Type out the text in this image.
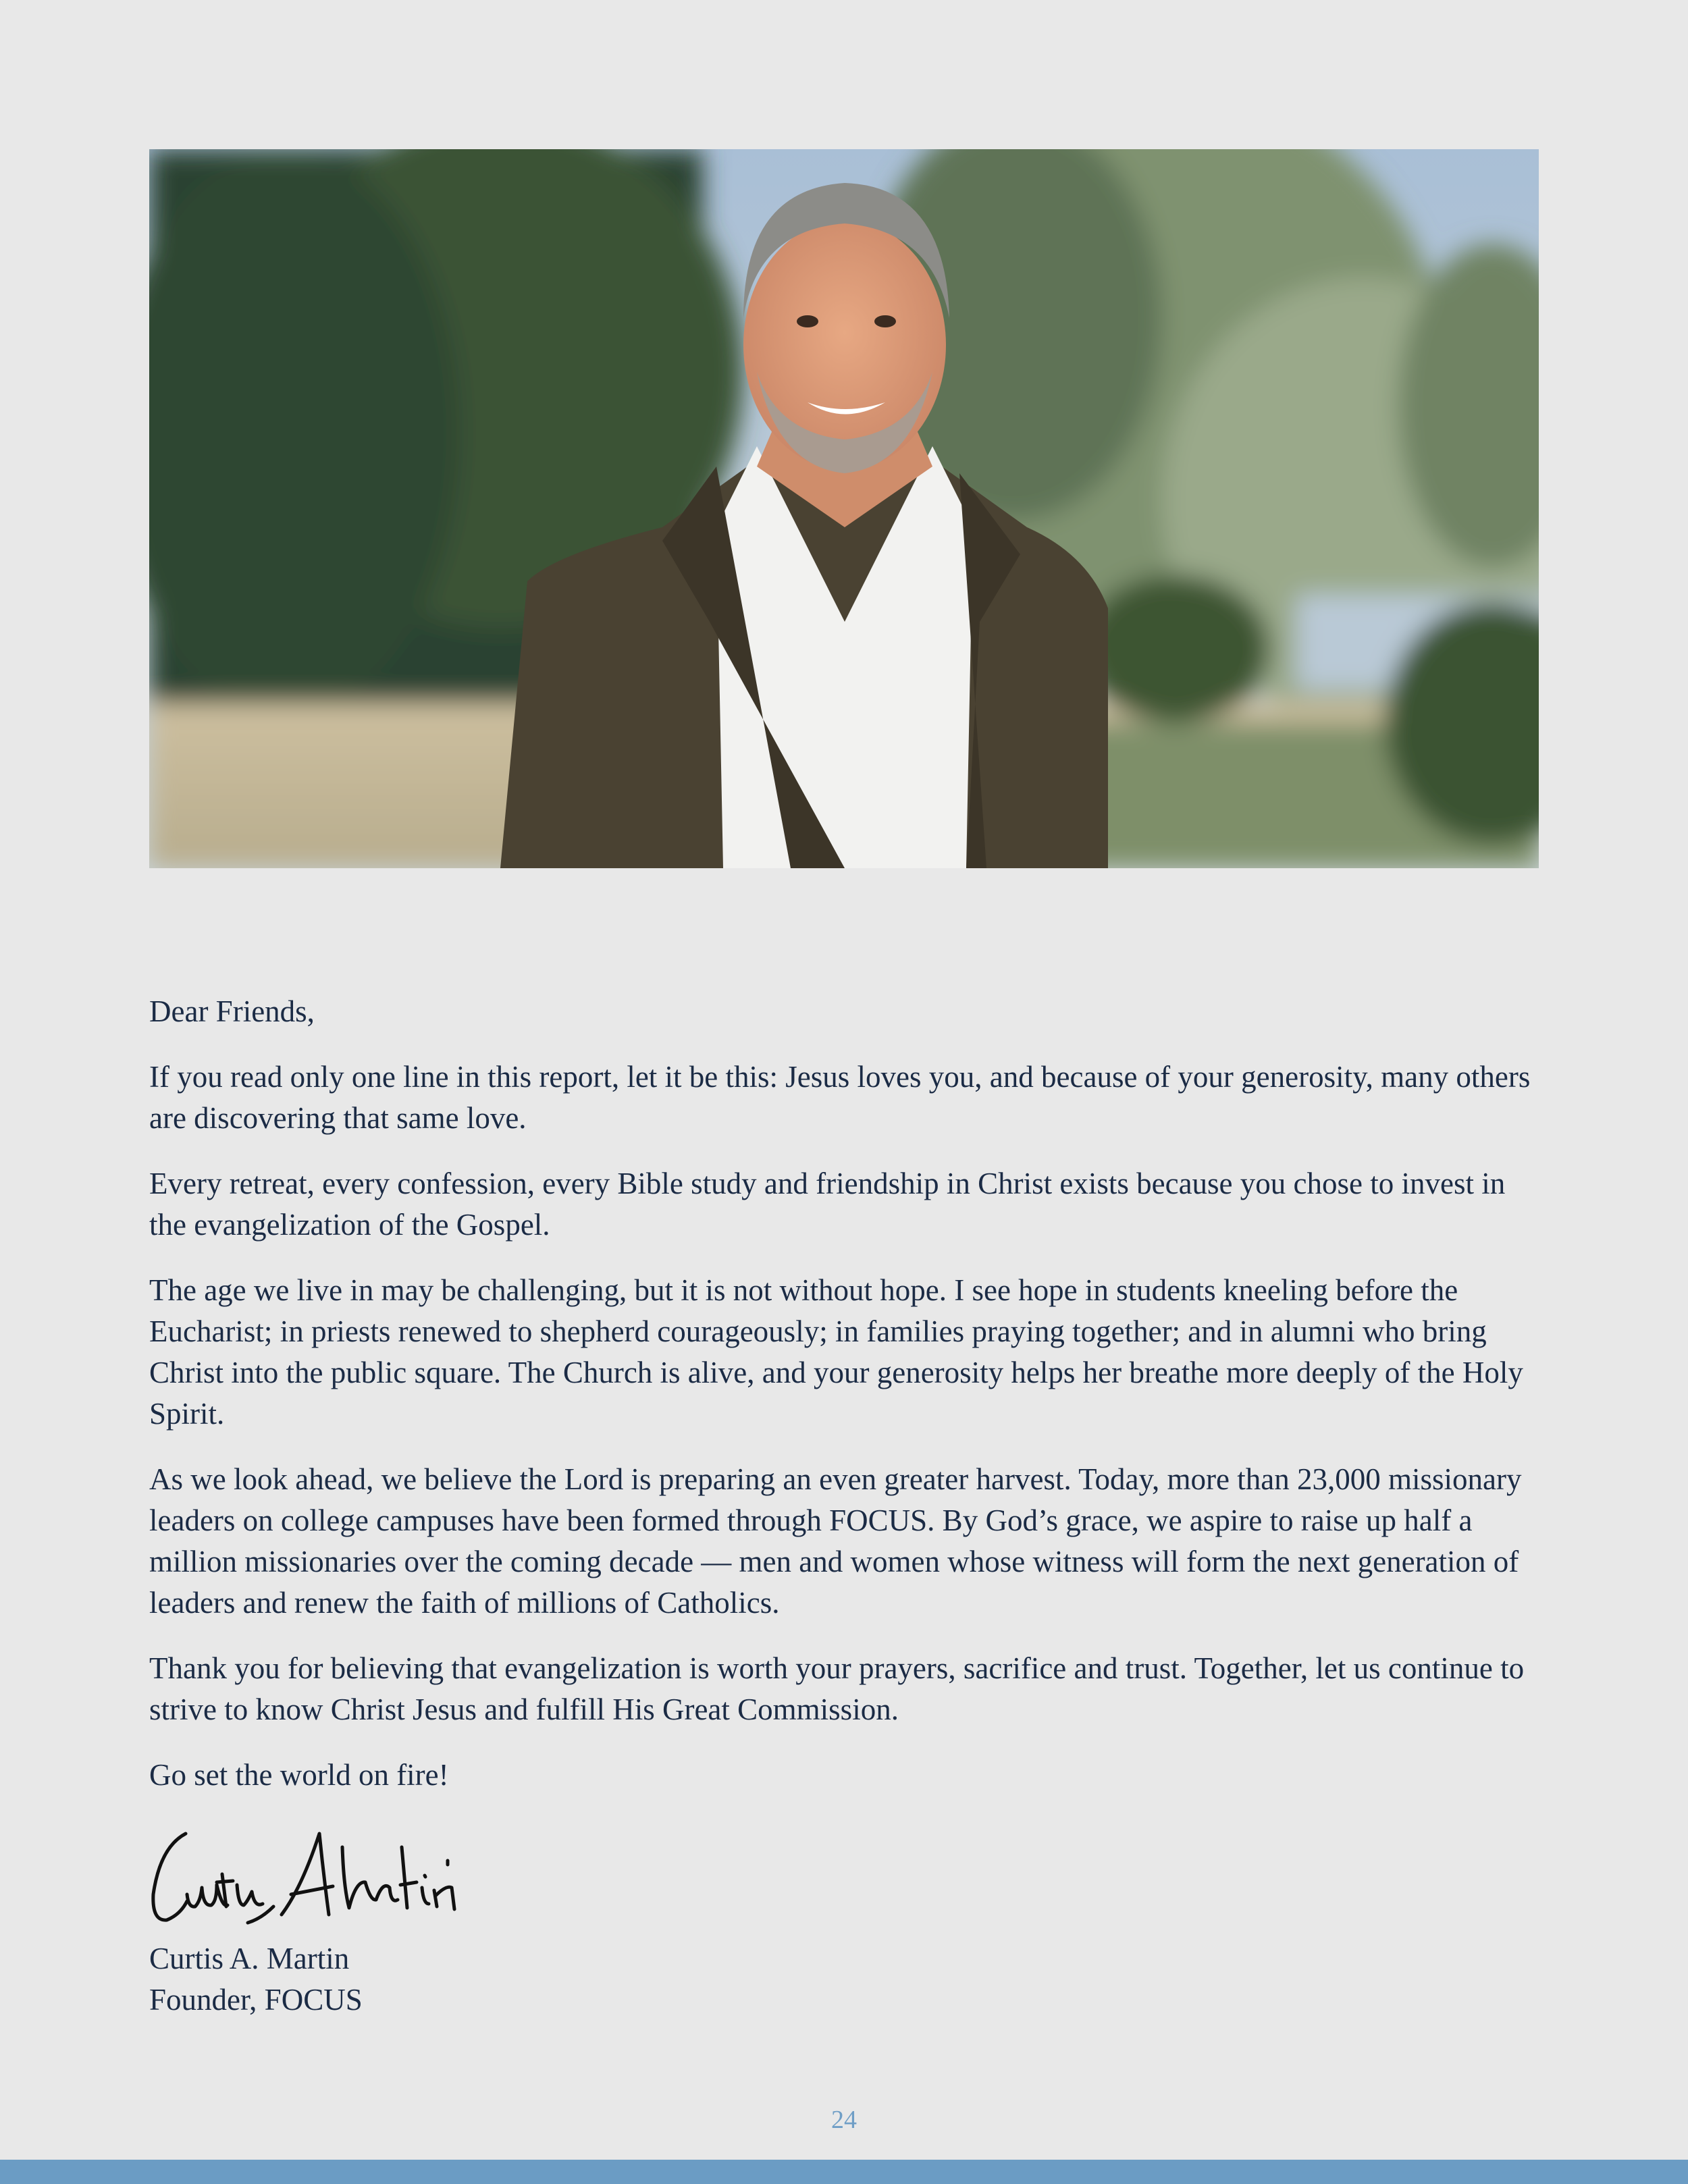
Dear Friends,

If you read only one line in this report, let it be this: Jesus loves you, and because of your generosity, many others are discovering that same love.

Every retreat, every confession, every Bible study and friendship in Christ exists because you chose to invest in the evangelization of the Gospel.

The age we live in may be challenging, but it is not without hope. I see hope in students kneeling before the Eucharist; in priests renewed to shepherd courageously; in families praying together; and in alumni who bring Christ into the public square. The Church is alive, and your generosity helps her breathe more deeply of the Holy Spirit.

As we look ahead, we believe the Lord is preparing an even greater harvest. Today, more than 23,000 missionary leaders on college campuses have been formed through FOCUS. By God’s grace, we aspire to raise up half a million missionaries over the coming decade — men and women whose witness will form the next generation of leaders and renew the faith of millions of Catholics.

Thank you for believing that evangelization is worth your prayers, sacrifice and trust. Together, let us continue to strive to know Christ Jesus and fulfill His Great Commission.

Go set the world on fire!

Curtis A. Martin
Founder, FOCUS
24
